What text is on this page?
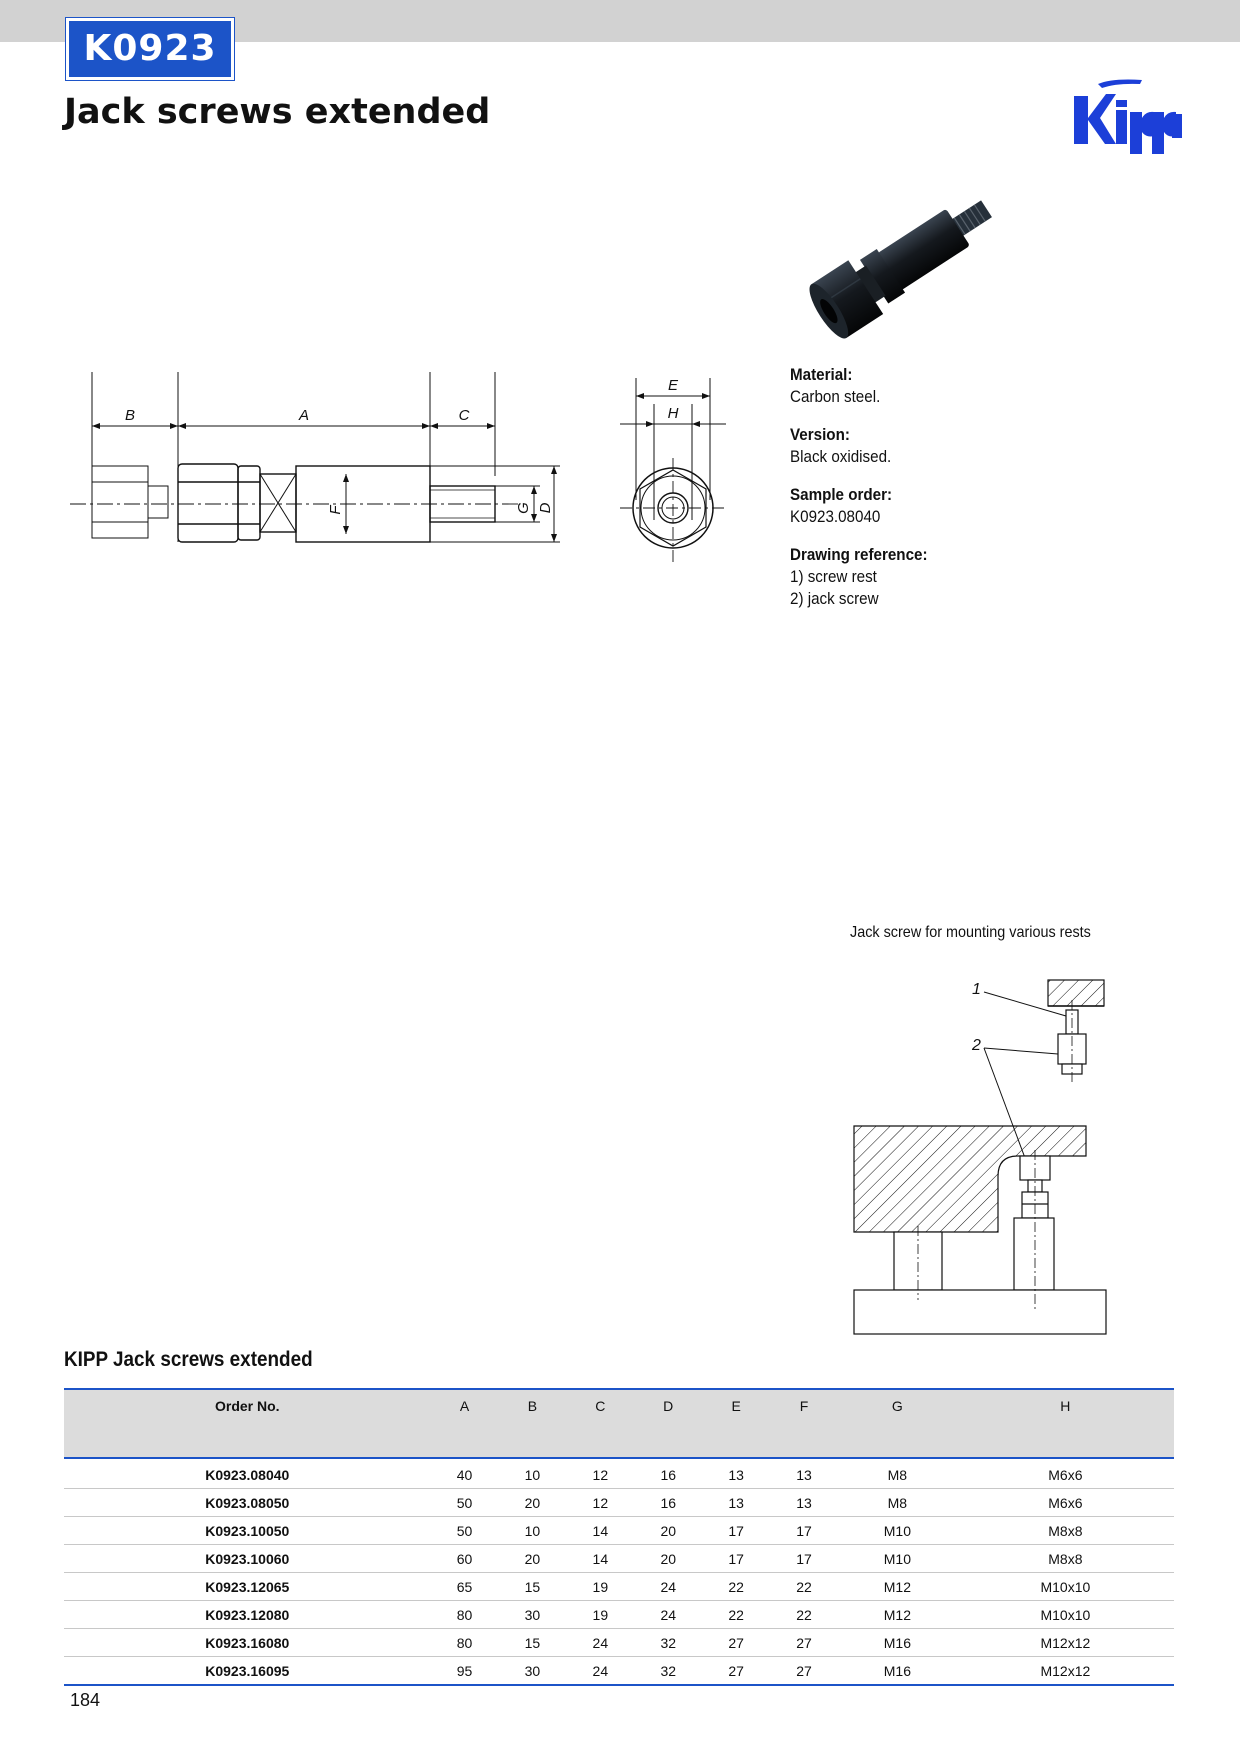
K0923
Jack screws extended
B	A	C
F	G D
E
H
Material:
Carbon steel.
Version:
Black oxidised.
Sample order:
K0923.08040
Drawing reference:
1) screw rest
2) jack screw
Jack screw for mounting various rests
1
2
KIPP Jack screws extended
Order No.	A	B	C	D	E	F	G	H
K0923.08040	40	10	12	16	13	13	M8	M6x6
K0923.08050	50	20	12	16	13	13	M8	M6x6
K0923.10050	50	10	14	20	17	17	M10	M8x8
K0923.10060	60	20	14	20	17	17	M10	M8x8
K0923.12065	65	15	19	24	22	22	M12	M10x10
K0923.12080	80	30	19	24	22	22	M12	M10x10
K0923.16080	80	15	24	32	27	27	M16	M12x12
K0923.16095	95	30	24	32	27	27	M16	M12x12
184
